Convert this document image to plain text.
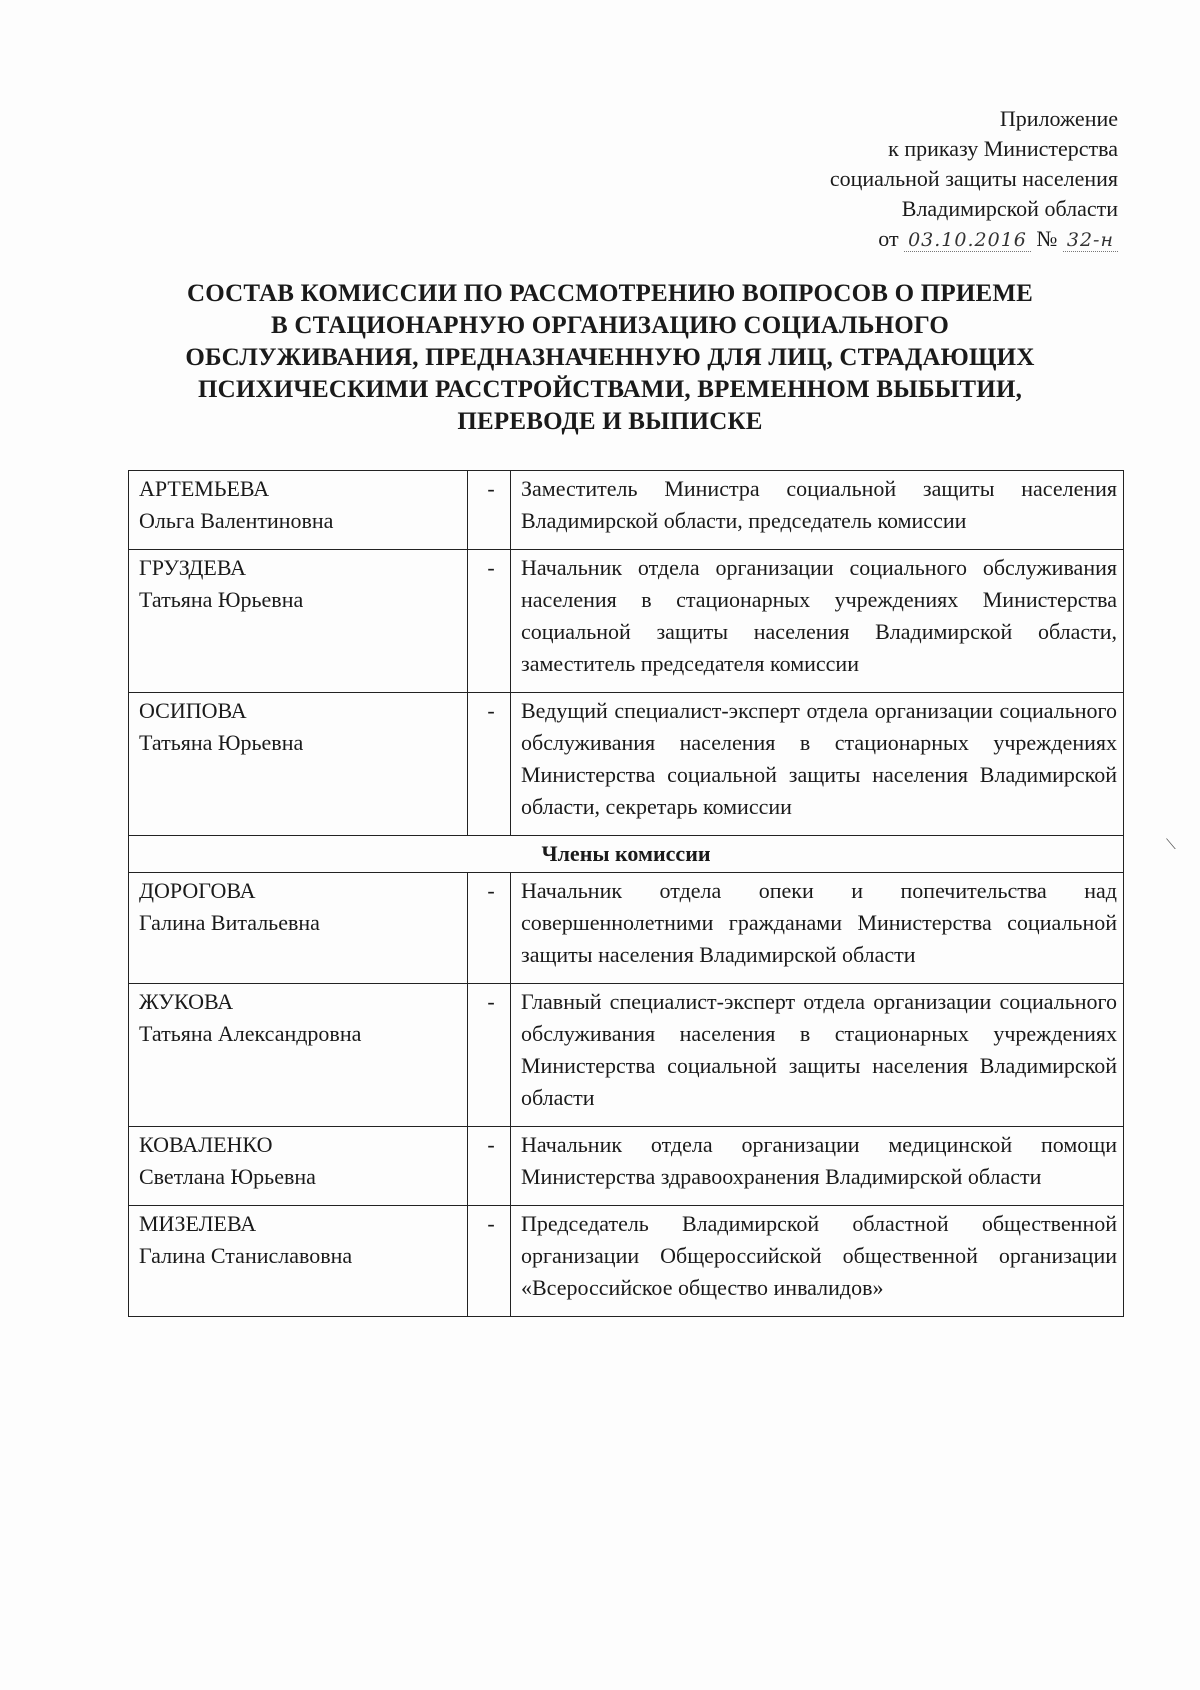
Приложение
к приказу Министерства
социальной защиты населения
Владимирской области
от 03.10.2016 № 32-н
СОСТАВ КОМИССИИ ПО РАССМОТРЕНИЮ ВОПРОСОВ О ПРИЕМЕ
В СТАЦИОНАРНУЮ ОРГАНИЗАЦИЮ СОЦИАЛЬНОГО
ОБСЛУЖИВАНИЯ, ПРЕДНАЗНАЧЕННУЮ ДЛЯ ЛИЦ, СТРАДАЮЩИХ
ПСИХИЧЕСКИМИ РАССТРОЙСТВАМИ, ВРЕМЕННОМ ВЫБЫТИИ,
ПЕРЕВОДЕ И ВЫПИСКЕ
АРТЕМЬЕВА
Ольга Валентиновна	-	Заместитель Министра социальной защиты населения Владимирской области, председатель комиссии

ГРУЗДЕВА
Татьяна Юрьевна	-	Начальник отдела организации социального обслуживания населения в стационарных учреждениях Министерства социальной защиты населения Владимирской области, заместитель председателя комиссии

ОСИПОВА
Татьяна Юрьевна	-	Ведущий специалист-эксперт отдела организации социального обслуживания населения в стационарных учреждениях Министерства социальной защиты населения Владимирской области, секретарь комиссии
Члены комиссии		

ДОРОГОВА
Галина Витальевна	-	Начальник отдела опеки и попечительства над совершеннолетними гражданами Министерства социальной защиты населения Владимирской области

ЖУКОВА
Татьяна Александровна	-	Главный специалист-эксперт отдела организации социального обслуживания населения в стационарных учреждениях Министерства социальной защиты населения Владимирской области

КОВАЛЕНКО
Светлана Юрьевна	-	Начальник отдела организации медицинской помощи Министерства здравоохранения Владимирской области

МИЗЕЛЕВА
Галина Станиславовна	-	Председатель Владимирской областной общественной организации Общероссийской общественной организации «Всероссийское общество инвалидов»
⟍
